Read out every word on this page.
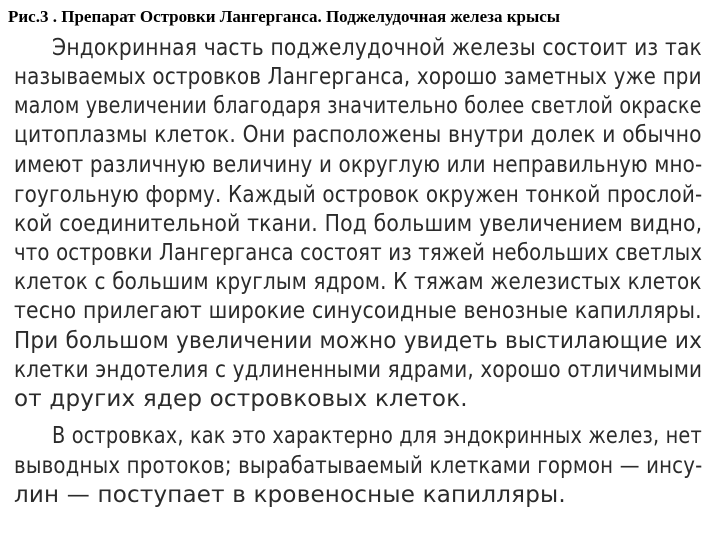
Рис.3 . Препарат Островки Лангерганса. Поджелудочная железа крысы
Эндокринная часть поджелудочной железы состоит из так
называемых островков Лангерганса, хорошо заметных уже при
малом увеличении благодаря значительно более светлой окраске
цитоплазмы клеток. Они расположены внутри долек и обычно
имеют различную величину и округлую или неправильную мно-
гоугольную форму. Каждый островок окружен тонкой прослой-
кой соединительной ткани. Под большим увеличением видно,
что островки Лангерганса состоят из тяжей небольших светлых
клеток с большим круглым ядром. К тяжам железистых клеток
тесно прилегают широкие синусоидные венозные капилляры.
При большом увеличении можно увидеть выстилающие их
клетки эндотелия с удлиненными ядрами, хорошо отличимыми
от других ядер островковых клеток.
В островках, как это характерно для эндокринных желез, нет
выводных протоков; вырабатываемый клетками гормон — инсу-
лин — поступает в кровеносные капилляры.
